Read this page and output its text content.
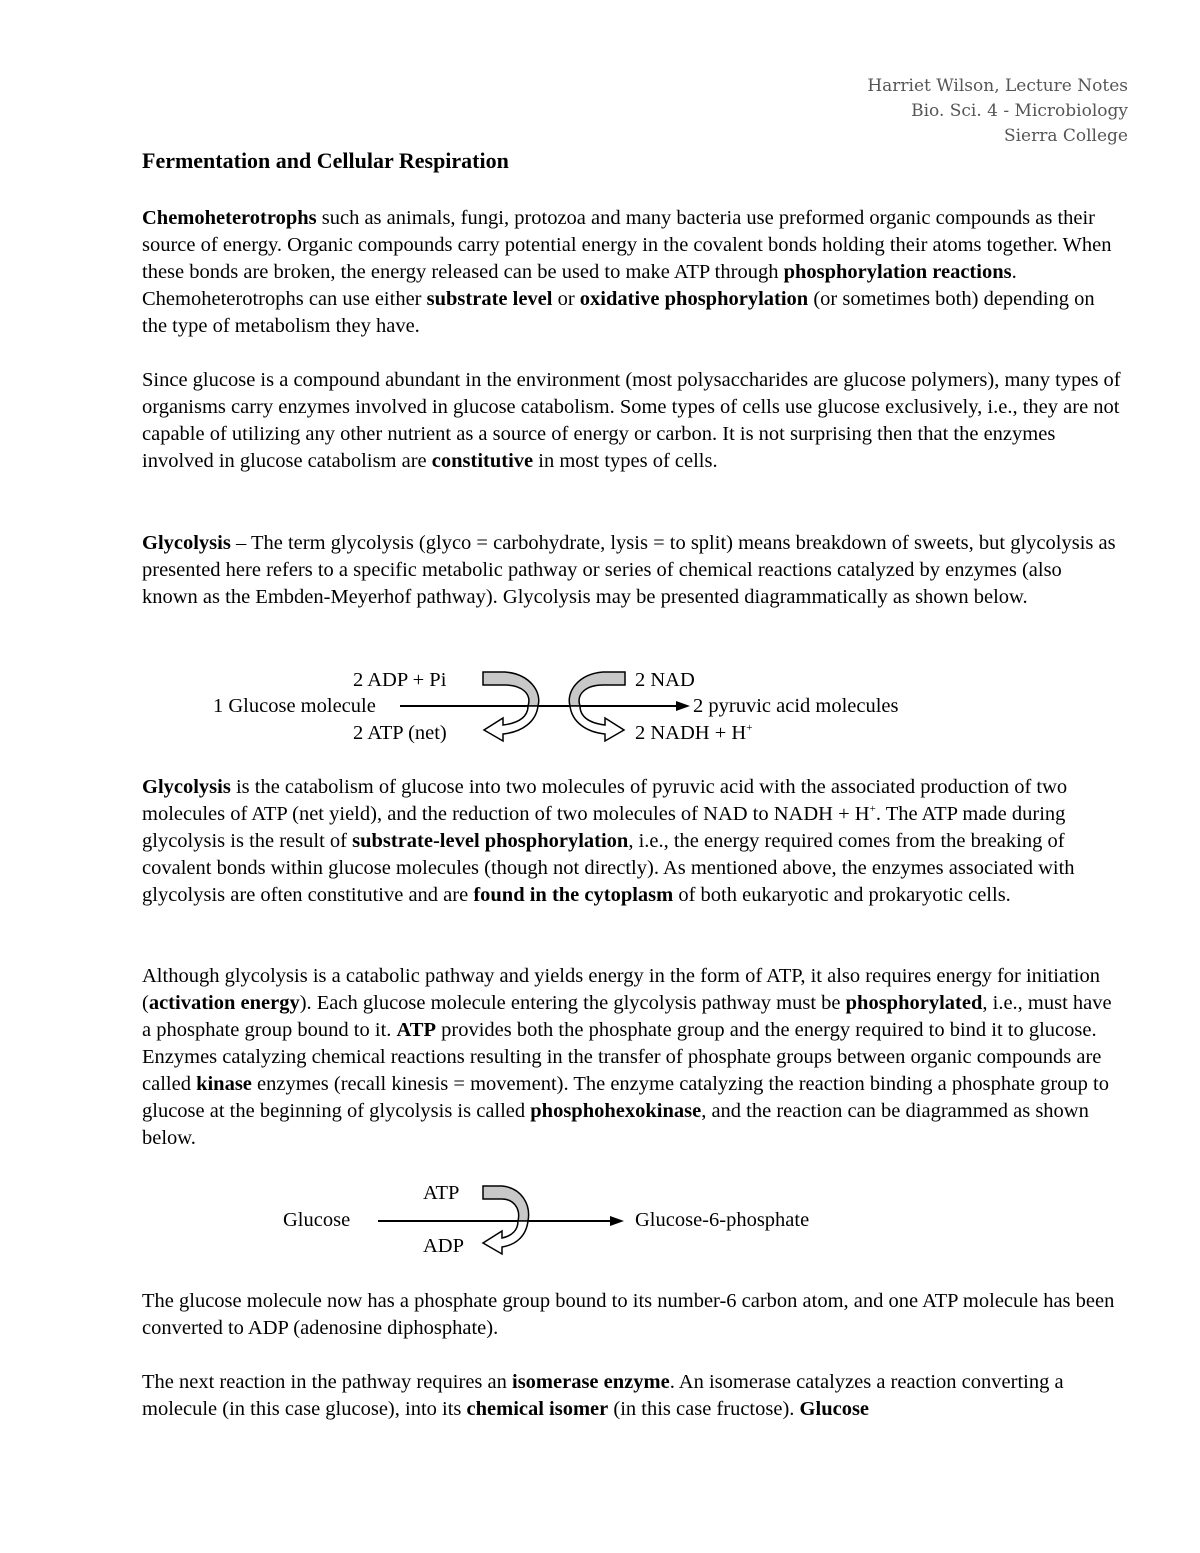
Harriet Wilson, Lecture Notes
Bio. Sci. 4 - Microbiology
Sierra College
Fermentation and Cellular Respiration

Chemoheterotrophs such as animals, fungi, protozoa and many bacteria use preformed organic compounds as their source of energy. Organic compounds carry potential energy in the covalent bonds holding their atoms together. When these bonds are broken, the energy released can be used to make ATP through phosphorylation reactions. Chemoheterotrophs can use either substrate level or oxidative phosphorylation (or sometimes both) depending on the type of metabolism they have.

Since glucose is a compound abundant in the environment (most polysaccharides are glucose polymers), many types of organisms carry enzymes involved in glucose catabolism. Some types of cells use glucose exclusively, i.e., they are not capable of utilizing any other nutrient as a source of energy or carbon. It is not surprising then that the enzymes involved in glucose catabolism are constitutive in most types of cells.

Glycolysis – The term glycolysis (glyco = carbohydrate, lysis = to split) means breakdown of sweets, but glycolysis as presented here refers to a specific metabolic pathway or series of chemical reactions catalyzed by enzymes (also known as the Embden-Meyerhof pathway). Glycolysis may be presented diagrammatically as shown below.

2 ADP + Pi
1 Glucose molecule
2 ATP (net)
2 NAD
2 pyruvic acid molecules
2 NADH + H+

Glycolysis is the catabolism of glucose into two molecules of pyruvic acid with the associated production of two molecules of ATP (net yield), and the reduction of two molecules of NAD to NADH + H+. The ATP made during glycolysis is the result of substrate-level phosphorylation, i.e., the energy required comes from the breaking of covalent bonds within glucose molecules (though not directly). As mentioned above, the enzymes associated with glycolysis are often constitutive and are found in the cytoplasm of both eukaryotic and prokaryotic cells.

Although glycolysis is a catabolic pathway and yields energy in the form of ATP, it also requires energy for initiation (activation energy). Each glucose molecule entering the glycolysis pathway must be phosphorylated, i.e., must have a phosphate group bound to it. ATP provides both the phosphate group and the energy required to bind it to glucose. Enzymes catalyzing chemical reactions resulting in the transfer of phosphate groups between organic compounds are called kinase enzymes (recall kinesis = movement). The enzyme catalyzing the reaction binding a phosphate group to glucose at the beginning of glycolysis is called phosphohexokinase, and the reaction can be diagrammed as shown below.

ATP
Glucose
ADP
Glucose-6-phosphate

The glucose molecule now has a phosphate group bound to its number-6 carbon atom, and one ATP molecule has been converted to ADP (adenosine diphosphate).

The next reaction in the pathway requires an isomerase enzyme. An isomerase catalyzes a reaction converting a molecule (in this case glucose), into its chemical isomer (in this case fructose). Glucose
